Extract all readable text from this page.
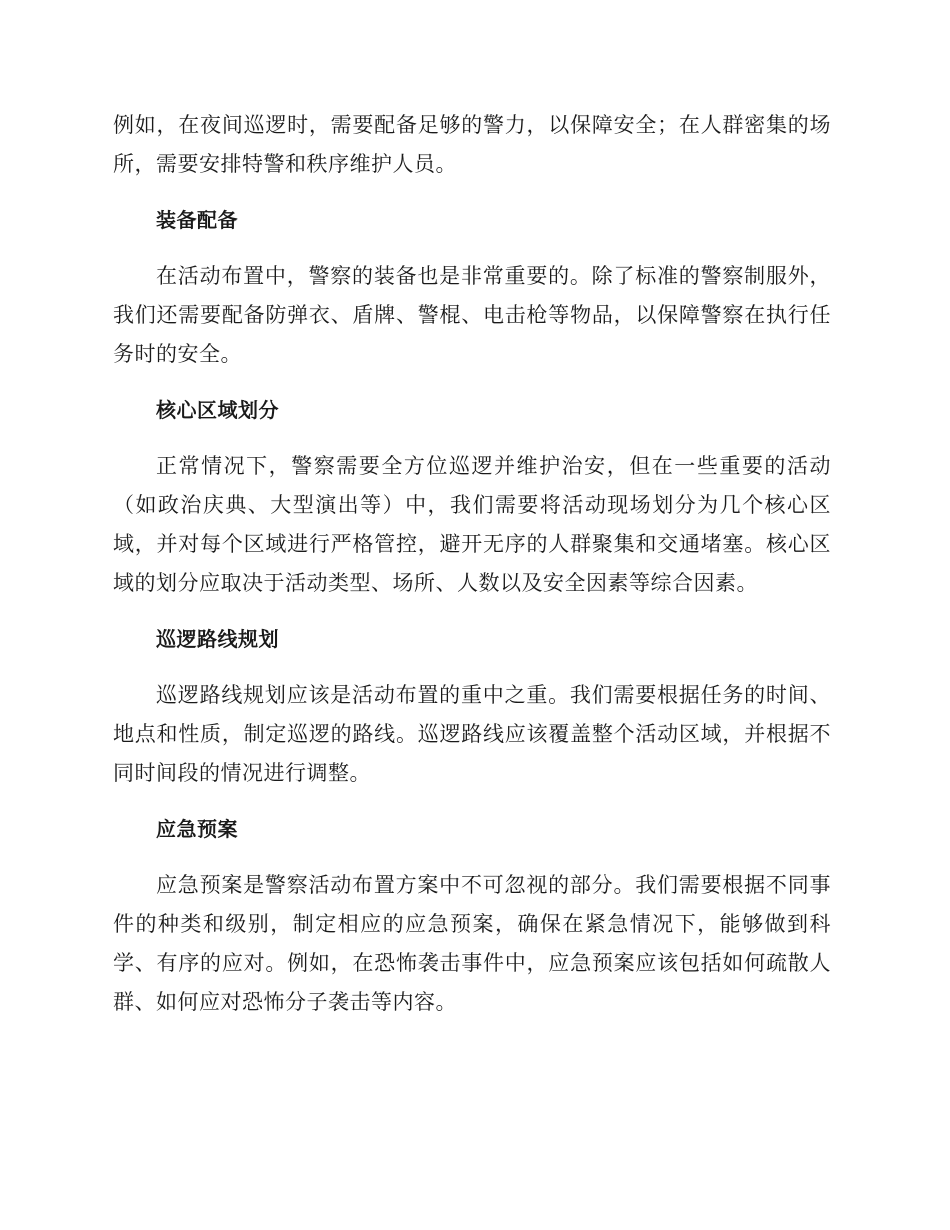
例如，在夜间巡逻时，需要配备足够的警力，以保障安全；在人群密集的场所，需要安排特警和秩序维护人员。

装备配备

在活动布置中，警察的装备也是非常重要的。除了标准的警察制服外，我们还需要配备防弹衣、盾牌、警棍、电击枪等物品，以保障警察在执行任务时的安全。

核心区域划分

正常情况下，警察需要全方位巡逻并维护治安，但在一些重要的活动（如政治庆典、大型演出等）中，我们需要将活动现场划分为几个核心区域，并对每个区域进行严格管控，避开无序的人群聚集和交通堵塞。核心区域的划分应取决于活动类型、场所、人数以及安全因素等综合因素。

巡逻路线规划

巡逻路线规划应该是活动布置的重中之重。我们需要根据任务的时间、地点和性质，制定巡逻的路线。巡逻路线应该覆盖整个活动区域，并根据不同时间段的情况进行调整。

应急预案

应急预案是警察活动布置方案中不可忽视的部分。我们需要根据不同事件的种类和级别，制定相应的应急预案，确保在紧急情况下，能够做到科学、有序的应对。例如，在恐怖袭击事件中，应急预案应该包括如何疏散人群、如何应对恐怖分子袭击等内容。
